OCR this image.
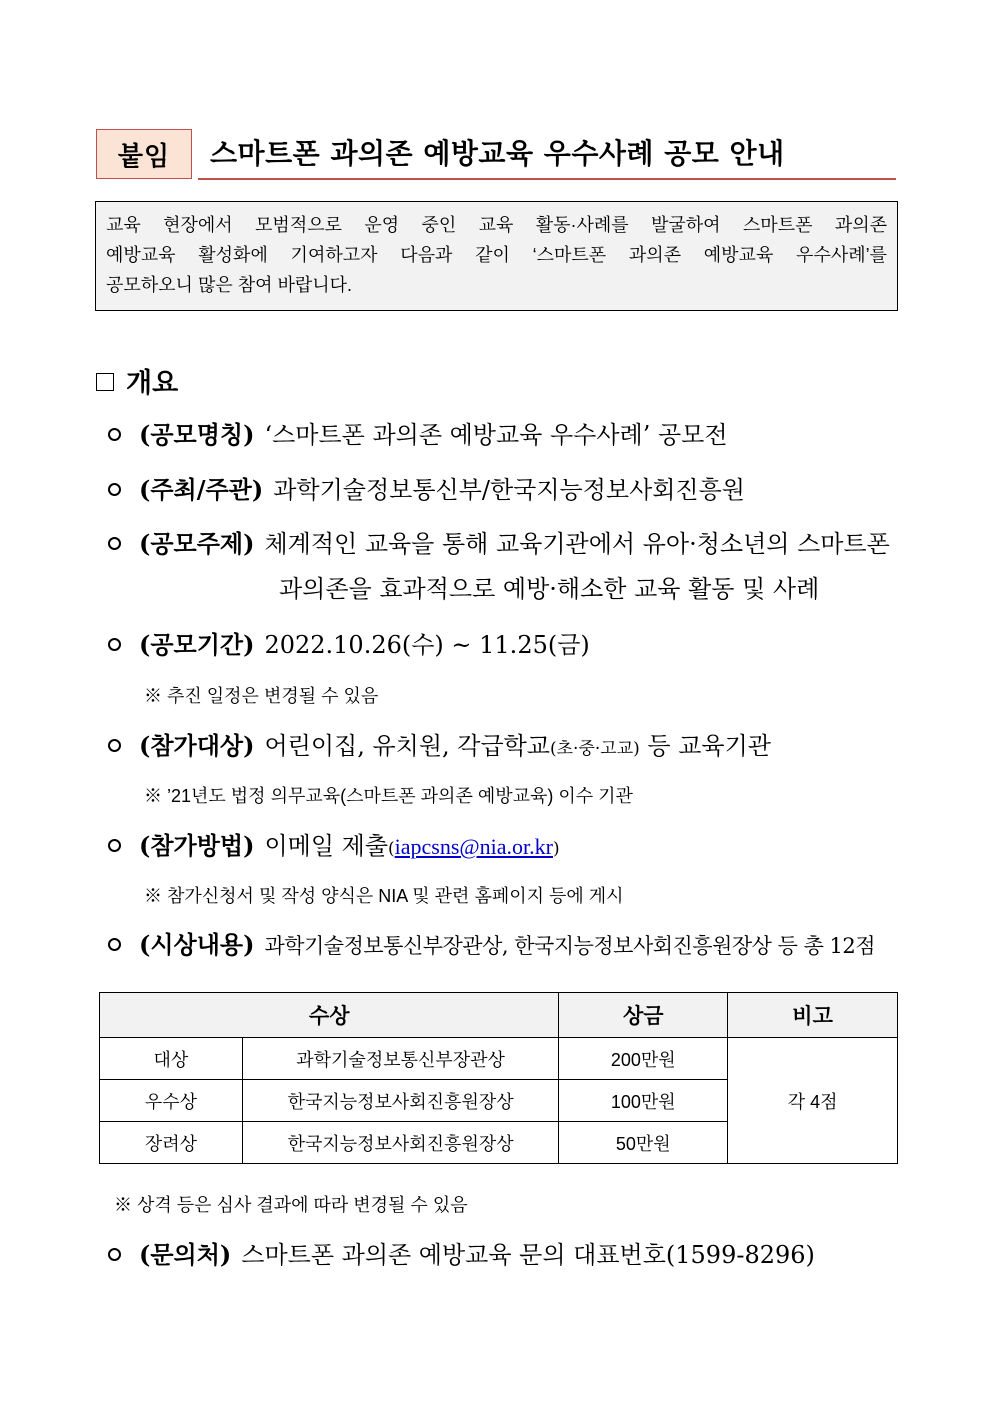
붙임 스마트폰 과의존 예방교육 우수사례 공모 안내
교육 현장에서 모범적으로 운영 중인 교육 활동·사례를 발굴하여 스마트폰 과의존
예방교육 활성화에 기여하고자 다음과 같이 ‘스마트폰 과의존 예방교육 우수사례’를
공모하오니 많은 참여 바랍니다.
개요
(공모명칭) ‘스마트폰 과의존 예방교육 우수사례’ 공모전
(주최/주관) 과학기술정보통신부/한국지능정보사회진흥원
(공모주제) 체계적인 교육을 통해 교육기관에서 유아·청소년의 스마트폰
과의존을 효과적으로 예방·해소한 교육 활동 및 사례
(공모기간) 2022.10.26(수) ~ 11.25(금)
※ 추진 일정은 변경될 수 있음
(참가대상) 어린이집, 유치원, 각급학교(초·중·고교) 등 교육기관
※ ’21년도 법정 의무교육(스마트폰 과의존 예방교육) 이수 기관
(참가방법) 이메일 제출(iapcsns@nia.or.kr)
※ 참가신청서 및 작성 양식은 NIA 및 관련 홈페이지 등에 게시
(시상내용) 과학기술정보통신부장관상, 한국지능정보사회진흥원장상 등 총 12점
수상		상금	비고
대상	과학기술정보통신부장관상	200만원	각 4점
우수상	한국지능정보사회진흥원장상	100만원	
장려상	한국지능정보사회진흥원장상	50만원	
※ 상격 등은 심사 결과에 따라 변경될 수 있음
(문의처) 스마트폰 과의존 예방교육 문의 대표번호(1599-8296)
